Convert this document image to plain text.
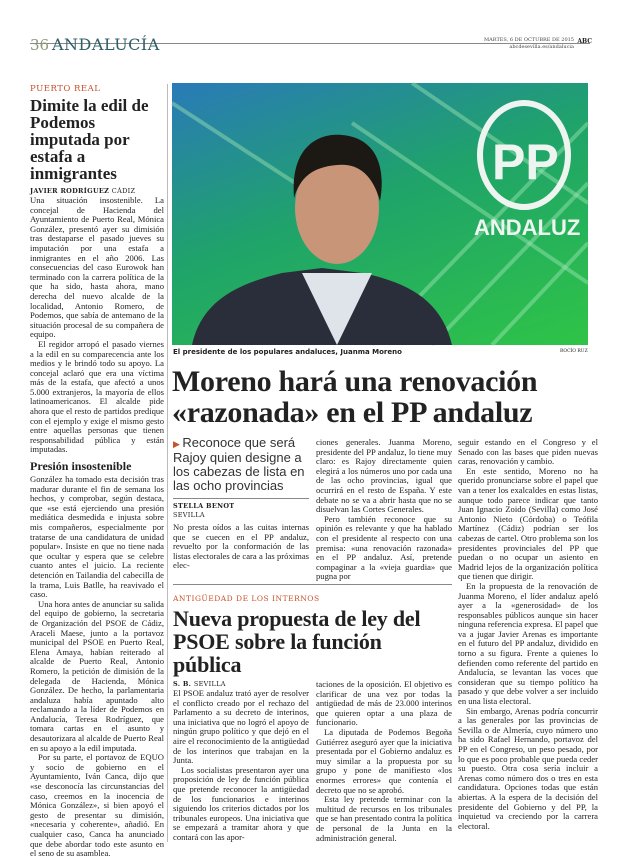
36 ANDALUCÍA	MARTES, 6 DE OCTUBRE DE 2015
abcdesevilla.es/andalucia
ABC
PUERTO REAL
Dimite la edil de Podemos imputada por estafa a inmigrantes
JAVIER RODRÍGUEZ CÁDIZ

Una situación insostenible. La concejal de Hacienda del Ayuntamiento de Puerto Real, Mónica González, presentó ayer su dimisión tras destaparse el pasado jueves su imputación por una estafa a inmigrantes en el año 2006. Las consecuencias del caso Eurowok han terminado con la carrera política de la que ha sido, hasta ahora, mano derecha del nuevo alcalde de la localidad, Antonio Romero, de Podemos, que sabía de antemano de la situación procesal de su compañera de equipo.

El regidor arropó el pasado viernes a la edil en su comparecencia ante los medios y le brindó todo su apoyo. La concejal aclaró que era una víctima más de la estafa, que afectó a unos 5.000 extranjeros, la mayoría de ellos latinoamericanos. El alcalde pide ahora que el resto de partidos predique con el ejemplo y exige el mismo gesto entre aquellas personas que tienen responsabilidad pública y están imputadas.

Presión insostenible

González ha tomado esta decisión tras madurar durante el fin de semana los hechos, y comprobar, según destaca, que «se está ejerciendo una presión mediática desmedida e injusta sobre mis compañeros, especialmente por tratarse de una candidatura de unidad popular». Insiste en que no tiene nada que ocultar y espera que se celebre cuanto antes el juicio. La reciente detención en Tailandia del cabecilla de la trama, Luis Batlle, ha reavivado el caso.

Una hora antes de anunciar su salida del equipo de gobierno, la secretaria de Organización del PSOE de Cádiz, Araceli Maese, junto a la portavoz municipal del PSOE en Puerto Real, Elena Amaya, habían reiterado al alcalde de Puerto Real, Antonio Romero, la petición de dimisión de la delegada de Hacienda, Mónica González. De hecho, la parlamentaria andaluza había apuntado alto reclamando a la líder de Podemos en Andalucía, Teresa Rodríguez, que tomara cartas en el asunto y desautorizara al alcalde de Puerto Real en su apoyo a la edil imputada.

Por su parte, el portavoz de EQUO y socio de gobierno en el Ayuntamiento, Iván Canca, dijo que «se desconocía las circunstancias del caso, creemos en la inocencia de Mónica González», si bien apoyó el gesto de presentar su dimisión, «necesaria y coherente», añadió. En cualquier caso, Canca ha anunciado que debe abordar todo este asunto en el seno de su asamblea.

PP
ANDALUZ
El presidente de los populares andaluces, Juanma Moreno	ROCÍO RUZ
Moreno hará una renovación «razonada» en el PP andaluz
▶ Reconoce que será Rajoy quien designe a los cabezas de lista en las ocho provincias
STELLA BENOT
SEVILLA

No presta oídos a las cuitas internas que se cuecen en el PP andaluz, revuelto por la conformación de las listas electorales de cara a las próximas elec-

ciones generales. Juanma Moreno, presidente del PP andaluz, lo tiene muy claro: es Rajoy directamente quien elegirá a los números uno por cada una de las ocho provincias, igual que ocurrirá en el resto de España. Y este debate no se va a abrir hasta que no se disuelvan las Cortes Generales.

Pero también reconoce que su opinión es relevante y que ha hablado con el presidente al respecto con una premisa: «una renovación razonada» en el PP andaluz. Así, pretende compaginar a la «vieja guardia» que pugna por

seguir estando en el Congreso y el Senado con las bases que piden nuevas caras, renovación y cambio.

En este sentido, Moreno no ha querido pronunciarse sobre el papel que van a tener los exalcaldes en estas listas, aunque todo parece indicar que tanto Juan Ignacio Zoido (Sevilla) como José Antonio Nieto (Córdoba) o Teófila Martínez (Cádiz) podrían ser los cabezas de cartel. Otro problema son los presidentes provinciales del PP que puedan o no ocupar un asiento en Madrid lejos de la organización política que tienen que dirigir.

En la propuesta de la renovación de Juanma Moreno, el líder andaluz apeló ayer a la «generosidad» de los responsables públicos aunque sin hacer ninguna referencia expresa. El papel que va a jugar Javier Arenas es importante en el futuro del PP andaluz, dividido en torno a su figura. Frente a quienes lo defienden como referente del partido en Andalucía, se levantan las voces que consideran que su tiempo político ha pasado y que debe volver a ser incluido en una lista electoral.

Sin embargo, Arenas podría concurrir a las generales por las provincias de Sevilla o de Almería, cuyo número uno ha sido Rafael Hernando, portavoz del PP en el Congreso, un peso pesado, por lo que es poco probable que pueda ceder su puesto. Otra cosa sería incluir a Arenas como número dos o tres en esta candidatura. Opciones todas que están abiertas. A la espera de la decisión del presidente del Gobierno y del PP, la inquietud va creciendo por la carrera electoral.

ANTIGÜEDAD DE LOS INTERNOS
Nueva propuesta de ley del PSOE sobre la función pública
S. B. SEVILLA

El PSOE andaluz trató ayer de resolver el conflicto creado por el rechazo del Parlamento a su decreto de interinos, una iniciativa que no logró el apoyo de ningún grupo político y que dejó en el aire el reconocimiento de la antigüedad de los interinos que trabajan en la Junta.

Los socialistas presentaron ayer una proposición de ley de función pública que pretende reconocer la antigüedad de los funcionarios e interinos siguiendo los criterios dictados por los tribunales europeos. Una iniciativa que se empezará a tramitar ahora y que contará con las apor-

taciones de la oposición. El objetivo es clarificar de una vez por todas la antigüedad de más de 23.000 interinos que quieren optar a una plaza de funcionario.

La diputada de Podemos Begoña Gutiérrez aseguró ayer que la iniciativa presentada por el Gobierno andaluz es muy similar a la propuesta por su grupo y pone de manifiesto «los enormes errores» que contenía el decreto que no se aprobó.

Esta ley pretende terminar con la multitud de recursos en los tribunales que se han presentado contra la política de personal de la Junta en la administración general.
